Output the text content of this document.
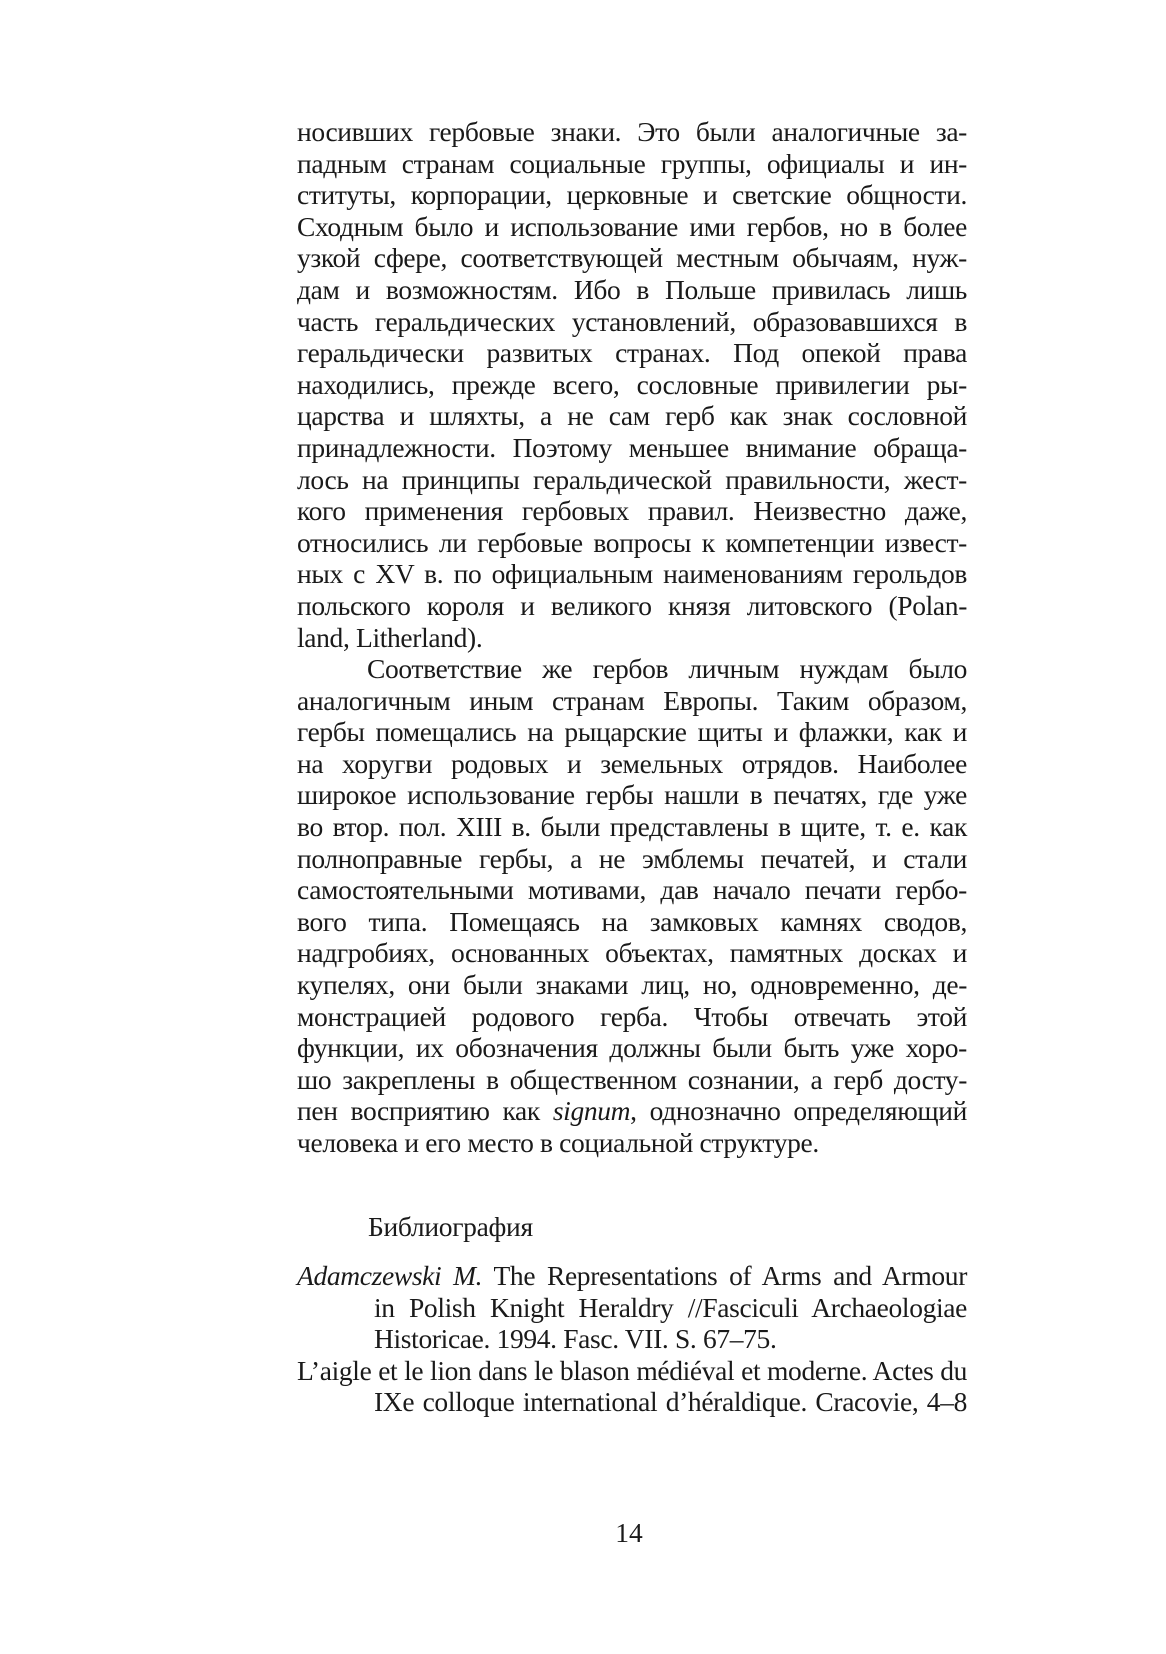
носивших гербовые знаки. Это были аналогичные за-
падным странам социальные группы, официалы и ин-
ституты, корпорации, церковные и светские общности.
Сходным было и использование ими гербов, но в более
узкой сфере, соответствующей местным обычаям, нуж-
дам и возможностям. Ибо в Польше привилась лишь
часть геральдических установлений, образовавшихся в
геральдически развитых странах. Под опекой права
находились, прежде всего, сословные привилегии ры-
царства и шляхты, а не сам герб как знак сословной
принадлежности. Поэтому меньшее внимание обраща-
лось на принципы геральдической правильности, жест-
кого применения гербовых правил. Неизвестно даже,
относились ли гербовые вопросы к компетенции извест-
ных с XV в. по официальным наименованиям герольдов
польского короля и великого князя литовского (Polan-
land, Litherland).
Соответствие же гербов личным нуждам было
аналогичным иным странам Европы. Таким образом,
гербы помещались на рыцарские щиты и флажки, как и
на хоругви родовых и земельных отрядов. Наиболее
широкое использование гербы нашли в печатях, где уже
во втор. пол. XIII в. были представлены в щите, т. е. как
полноправные гербы, а не эмблемы печатей, и стали
самостоятельными мотивами, дав начало печати гербо-
вого типа. Помещаясь на замковых камнях сводов,
надгробиях, основанных объектах, памятных досках и
купелях, они были знаками лиц, но, одновременно, де-
монстрацией родового герба. Чтобы отвечать этой
функции, их обозначения должны были быть уже хоро-
шо закреплены в общественном сознании, а герб досту-
пен восприятию как signum, однозначно определяющий
человека и его место в социальной структуре.
Библиография
Adamczewski M. The Representations of Arms and Armour
in Polish Knight Heraldry //Fasciculi Archaeologiae
Historicae. 1994. Fasc. VII. S. 67–75.
L’aigle et le lion dans le blason médiéval et moderne. Actes du
IXe colloque international d’héraldique. Cracovie, 4–8
14
